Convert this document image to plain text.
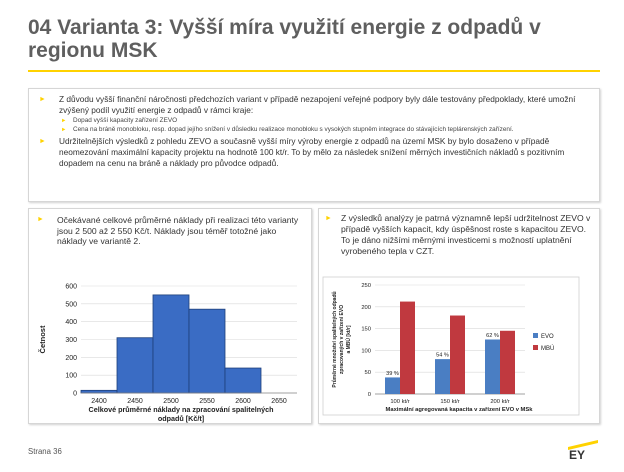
04 Varianta 3: Vyšší míra využití energie z odpadů v regionu MSK
► Z důvodu vyšší finanční náročnosti předchozích variant v případě nezapojení veřejné podpory byly dále testovány předpoklady, které umožní zvýšený podíl využití energie z odpadů v rámci kraje:
► Dopad vyšší kapacity zařízení ZEVO
► Cena na bráně monobloku, resp. dopad jejího snížení v důsledku realizace monobloku s vysokých stupněm integrace do stávajících teplárenských zařízení.
► Udržitelnějších výsledků z pohledu ZEVO a současně vyšší míry výroby energie z odpadů na území MSK by bylo dosaženo v případě neomezování maximální kapacity projektu na hodnotě 100 kt/r. To by mělo za následek snížení měrných investičních nákladů s pozitivním dopadem na cenu na bráně a náklady pro původce odpadů.
► Očekávané celkové průměrné náklady při realizaci této varianty jsou 2 500 až 2 550 Kč/t. Náklady jsou téměř totožné jako náklady ve variantě 2.
0
100
200
300
400
500
600
2400	2450	2500	2550	2600	2650
Četnost
Celkové průměrné náklady na zpracování spalitelných
odpadů [Kč/t]
► Z výsledků analýzy je patrná významně lepší udržitelnost ZEVO v případě vyšších kapacit, kdy úspěšnost roste s kapacitou ZEVO. To je dáno nižšími měrnými investicemi s možností uplatnění vyrobeného tepla v CZT.
0
50
100
150
200
250
39 %
100 kt/r
54 %
150 kt/r
62 %
200 kt/r
Maximální agregovaná kapacita v zařízení EVO v MSk
Průměrné množství spalitelných odpadů zpracovaných v zařízení EVO a MBÚ [kt/r]	EVO
MBÚ
Strana 36	EY
